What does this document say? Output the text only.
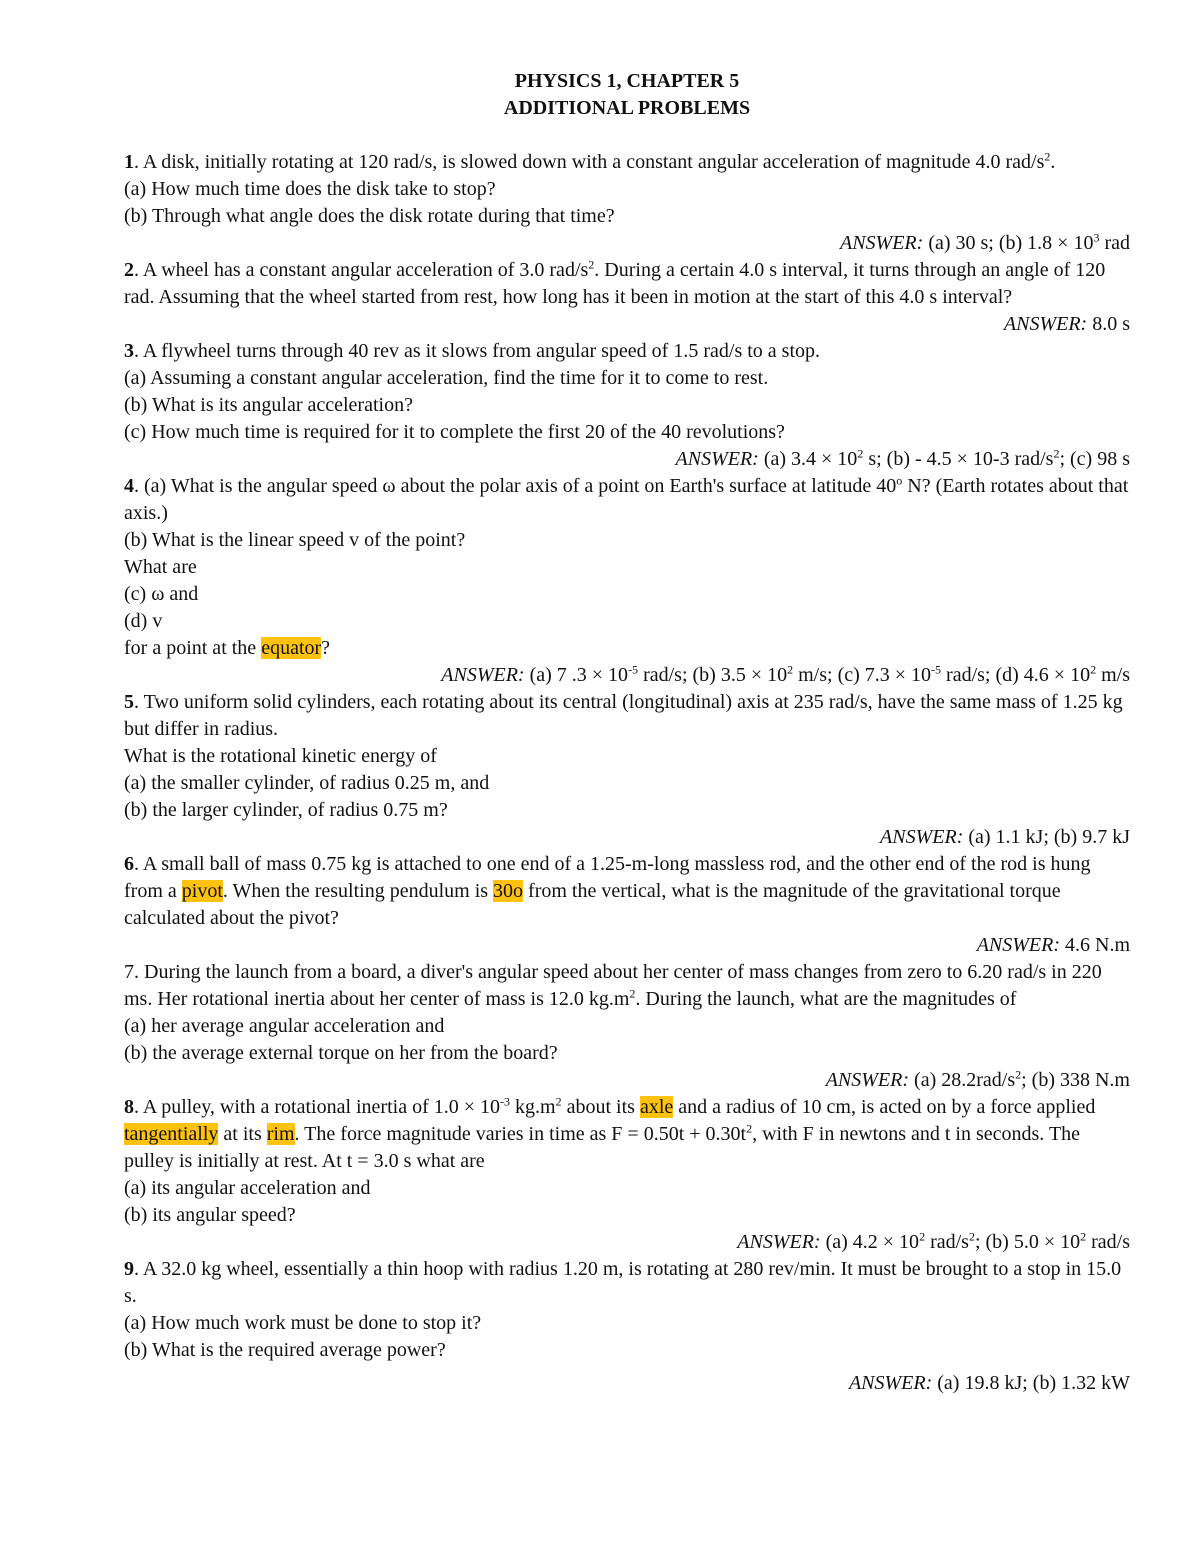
PHYSICS 1, CHAPTER 5

ADDITIONAL PROBLEMS

1. A disk, initially rotating at 120 rad/s, is slowed down with a constant angular acceleration of magnitude 4.0 rad/$s^2$.

(a) How much time does the disk take to stop?

(b) Through what angle does the disk rotate during that time?

ANSWER: (a) 30 s; (b) $1.8 \times 10^3$ rad

2. A wheel has a constant angular acceleration of 3.0 rad/$s^2$. During a certain 4.0 s interval, it turns through an angle of 120 rad. Assuming that the wheel started from rest, how long has it been in motion at the start of this 4.0 s interval?

ANSWER: 8.0 s

3. A flywheel turns through 40 rev as it slows from angular speed of 1.5 rad/s to a stop.

(a) Assuming a constant angular acceleration, find the time for it to come to rest.

(b) What is its angular acceleration?

(c) How much time is required for it to complete the first 20 of the 40 revolutions?

ANSWER: (a) $3.4 \times 10^2$ s; (b) - 4.5 × 10-3 rad/$s^2$; (c) 98 s

4. (a) What is the angular speed ω about the polar axis of a point on Earth's surface at latitude 40$^o$ N? (Earth rotates about that axis.)

(b) What is the linear speed v of the point?

What are

(c) ω and

(d) v

for a point at the equator?

ANSWER: (a) 7 $.3 \times 10^{-5}$ rad/s; (b) $3.5 \times 10^2$ m/s; (c) $7.3 \times 10^{-5}$ rad/s; (d) $4.6 \times 10^2$ m/s

5. Two uniform solid cylinders, each rotating about its central (longitudinal) axis at 235 rad/s, have the same mass of 1.25 kg but differ in radius.

What is the rotational kinetic energy of

(a) the smaller cylinder, of radius 0.25 m, and

(b) the larger cylinder, of radius 0.75 m?

ANSWER: (a) 1.1 kJ; (b) 9.7 kJ

6. A small ball of mass 0.75 kg is attached to one end of a 1.25-m-long massless rod, and the other end of the rod is hung from a pivot. When the resulting pendulum is 30o from the vertical, what is the magnitude of the gravitational torque calculated about the pivot?

ANSWER: 4.6 N.m

7. During the launch from a board, a diver's angular speed about her center of mass changes from zero to 6.20 rad/s in 220 ms. Her rotational inertia about her center of mass is 12.0 $kg.m^2$. During the launch, what are the magnitudes of

(a) her average angular acceleration and

(b) the average external torque on her from the board?

ANSWER: (a) $28.2rad/s^2$; (b) 338 N.m

8. A pulley, with a rotational inertia of $1.0 \times 10^{-3}$ $kg.m^2$ about its axle and a radius of 10 cm, is acted on by a force applied tangentially at its rim. The force magnitude varies in time as $F = 0.50t + 0.30t^2$, with F in newtons and t in seconds. The pulley is initially at rest. At t = 3.0 s what are

(a) its angular acceleration and

(b) its angular speed?

ANSWER: (a) $4.2 \times 10^2$ rad/$s^2$; (b) $5.0 \times 10^2$ rad/s

9. A 32.0 kg wheel, essentially a thin hoop with radius 1.20 m, is rotating at 280 rev/min. It must be brought to a stop in 15.0 s.

(a) How much work must be done to stop it?

(b) What is the required average power?

ANSWER: (a) 19.8 kJ; (b) 1.32 kW
